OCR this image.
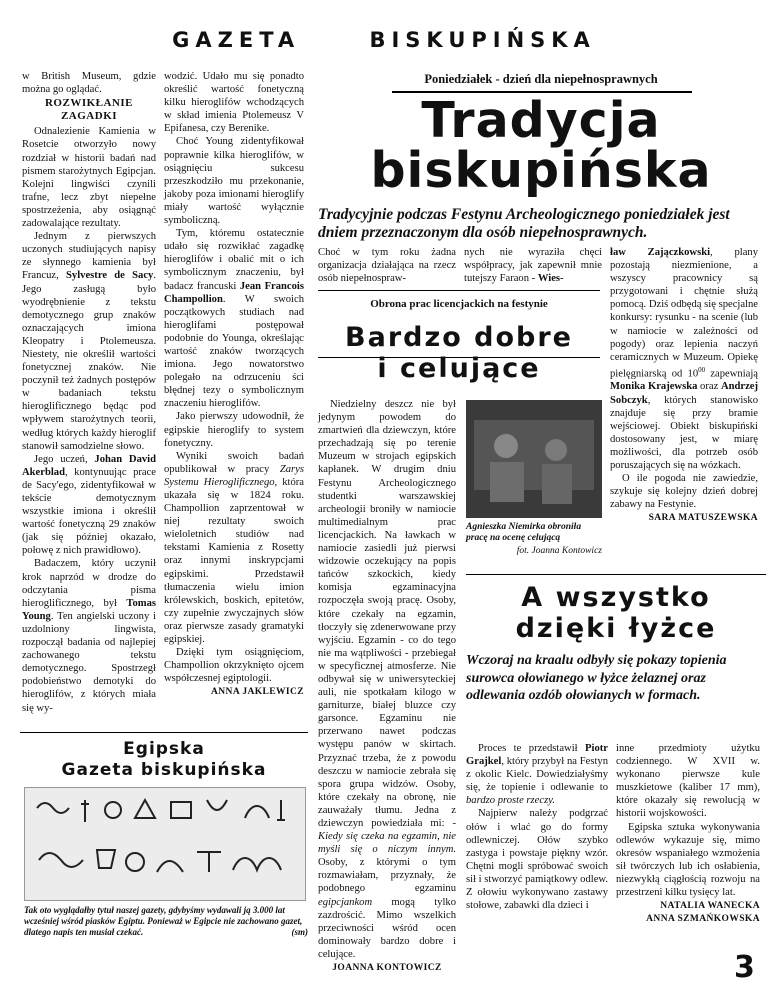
GAZETA	BISKUPIŃSKA

w British Museum, gdzie można go oglądać.

ROZWIKŁANIE
ZAGADKI

Odnalezienie Kamienia w Rosetcie otworzyło nowy rozdział w historii badań nad pismem starożytnych Egipcjan. Kolejni lingwiści czynili trafne, lecz zbyt niepełne spostrzeżenia, aby osiągnąć zadowalające rezultaty.

Jednym z pierwszych uczonych studiujących napisy ze słynnego kamienia był Francuz, Sylvestre de Sacy. Jego zasługą było wyodrębnienie z tekstu demotycznego grup znaków oznaczających imiona Kleopatry i Ptolemeusza. Niestety, nie określił wartości fonetycznej znaków. Nie poczynił też żadnych postępów w badaniach tekstu hieroglificznego będąc pod wpływem starożytnych teorii, według których każdy hieroglif stanowił samodzielne słowo.

Jego uczeń, Johan David Akerblad, kontynuując prace de Sacy'ego, zidentyfikował w tekście demotycznym wszystkie imiona i określił wartość fonetyczną 29 znaków (jak się później okazało, połowę z nich prawidłowo).

Badaczem, który uczynił krok naprzód w drodze do odczytania pisma hieroglificznego, był Tomas Young. Ten angielski uczony i uzdolniony lingwista, rozpoczął badania od najlepiej zachowanego tekstu demotycznego. Spostrzegł podobieństwo demotyki do hieroglifów, z których miała się wy-

wodzić. Udało mu się ponadto określić wartość fonetyczną kilku hieroglifów wchodzących w skład imienia Ptolemeusz V Epifanesa, czy Berenike.

Choć Young zidentyfikował poprawnie kilka hieroglifów, w osiągnięciu sukcesu przeszkodziło mu przekonanie, jakoby poza imionami hieroglify miały wartość wyłącznie symboliczną.

Tym, któremu ostatecznie udało się rozwikłać zagadkę hieroglifów i obalić mit o ich symbolicznym znaczeniu, był badacz francuski Jean Francois Champollion. W swoich początkowych studiach nad hieroglifami postępował podobnie do Younga, określając wartość znaków tworzących imiona. Jego nowatorstwo polegało na odrzuceniu ści błędnej tezy o symbolicznym znaczeniu hieroglifów.

Jako pierwszy udowodnił, że egipskie hieroglify to system fonetyczny.

Wyniki swoich badań opublikował w pracy Zarys Systemu Hieroglificznego, która ukazała się w 1824 roku. Champollion zaprzentował w niej rezultaty swoich wieloletnich studiów nad tekstami Kamienia z Rosetty oraz innymi inskrypcjami egipskimi. Przedstawił tłumaczenia wielu imion królewskich, boskich, epitetów, czy zupełnie zwyczajnych słów oraz pierwsze zasady gramatyki egipskiej.

Dzięki tym osiągnięciom, Champollion okrzyknięto ojcem współczesnej egiptologii.

ANNA JAKLEWICZ
Egipska
Gazeta biskupińska
Tak oto wyglądałby tytuł naszej gazety, gdybyśmy wydawali ją 3.000 lat wcześniej wśród piasków Egiptu. Ponieważ w Egipcie nie zachowano gazet, dlatego napis ten musiał czekać.	(sm)
Poniedziałek - dzień dla niepełnosprawnych
Tradycja
biskupińska
Tradycyjnie podczas Festynu Archeologicznego poniedziałek jest dniem przeznaczonym dla osób niepełnosprawnych.

Choć w tym roku żadna organizacja działająca na rzecz osób niepełnospraw-

nych nie wyraziła chęci współpracy, jak zapewnił mnie tutejszy Faraon - Wies-

ław Zajączkowski, plany pozostają niezmienione, a wszyscy pracownicy są przygotowani i chętnie służą pomocą. Dziś odbędą się specjalne konkursy: rysunku - na scenie (lub w namiocie w zależności od pogody) oraz lepienia naczyń ceramicznych w Muzeum. Opiekę pielęgniarską od $10^{00}$ zapewniają Monika Krajewska oraz Andrzej Sobczyk, których stanowisko znajduje się przy bramie wejściowej. Obiekt biskupiński dostosowany jest, w miarę możliwości, dla potrzeb osób poruszających się na wózkach.

O ile pogoda nie zawiedzie, szykuje się kolejny dzień dobrej zabawy na Festynie.

SARA MATUSZEWSKA
Obrona prac licencjackich na festynie
Bardzo dobre
i celujące
Agnieszka Niemirka obroniła pracę na ocenę celującą
fot. Joanna Kontowicz

Niedzielny deszcz nie był jedynym powodem do zmartwień dla dziewczyn, które przechadzają się po terenie Muzeum w strojach egipskich kapłanek. W drugim dniu Festynu Archeologicznego studentki warszawskiej archeologii broniły w namiocie multimedialnym prac licencjackich. Na ławkach w namiocie zasiedli już pierwsi widzowie oczekujący na popis tańców szkockich, kiedy komisja egzaminacyjna rozpoczęła swoją pracę. Osoby, które czekały na egzamin, tłoczyły się zdenerwowane przy wyjściu. Egzamin - co do tego nie ma wątpliwości - przebiegał w specyficznej atmosferze. Nie odbywał się w uniwersyteckiej auli, nie spotkałam kilogo w garniturze, białej bluzce czy garsonce. Egzaminu nie przerwano nawet podczas występu panów w skirtach. Przyznać trzeba, że z powodu deszczu w namiocie zebrała się spora grupa widzów. Osoby, które czekały na obronę, nie zauważały tłumu. Jedna z dziewczyn powiedziała mi: - Kiedy się czeka na egzamin, nie myśli się o niczym innym. Osoby, z którymi o tym rozmawiałam, przyznały, że podobnego egzaminu egipcjankom mogą tylko zazdrościć. Mimo wszelkich przeciwności wśród ocen dominowały bardzo dobre i celujące.

JOANNA KONTOWICZ
A wszystko
dzięki łyżce
Wczoraj na kraalu odbyły się pokazy topienia surowca ołowianego w łyżce żelaznej oraz odlewania ozdób ołowianych w formach.

Proces te przedstawił Piotr Grajkel, który przybył na Festyn z okolic Kielc. Dowiedziałyśmy się, że topienie i odlewanie to bardzo proste rzeczy.

Najpierw należy podgrzać ołów i wlać go do formy odlewniczej. Ołów szybko zastyga i powstaje piękny wzór. Chętni mogli spróbować swoich sił i stworzyć pamiątkowy odlew. Z ołowiu wykonywano zastawy stołowe, zabawki dla dzieci i

inne przedmioty użytku codziennego. W XVII w. wykonano pierwsze kule muszkietowe (kaliber 17 mm), które okazały się rewolucją w historii wojskowości.

Egipska sztuka wykonywania odlewów wykazuje się, mimo okresów wspaniałego wzmożenia sił twórczych lub ich osłabienia, niezwykłą ciągłością rozwoju na przestrzeni kilku tysięcy lat.

NATALIA WANECKA
ANNA SZMAŃKOWSKA
3
